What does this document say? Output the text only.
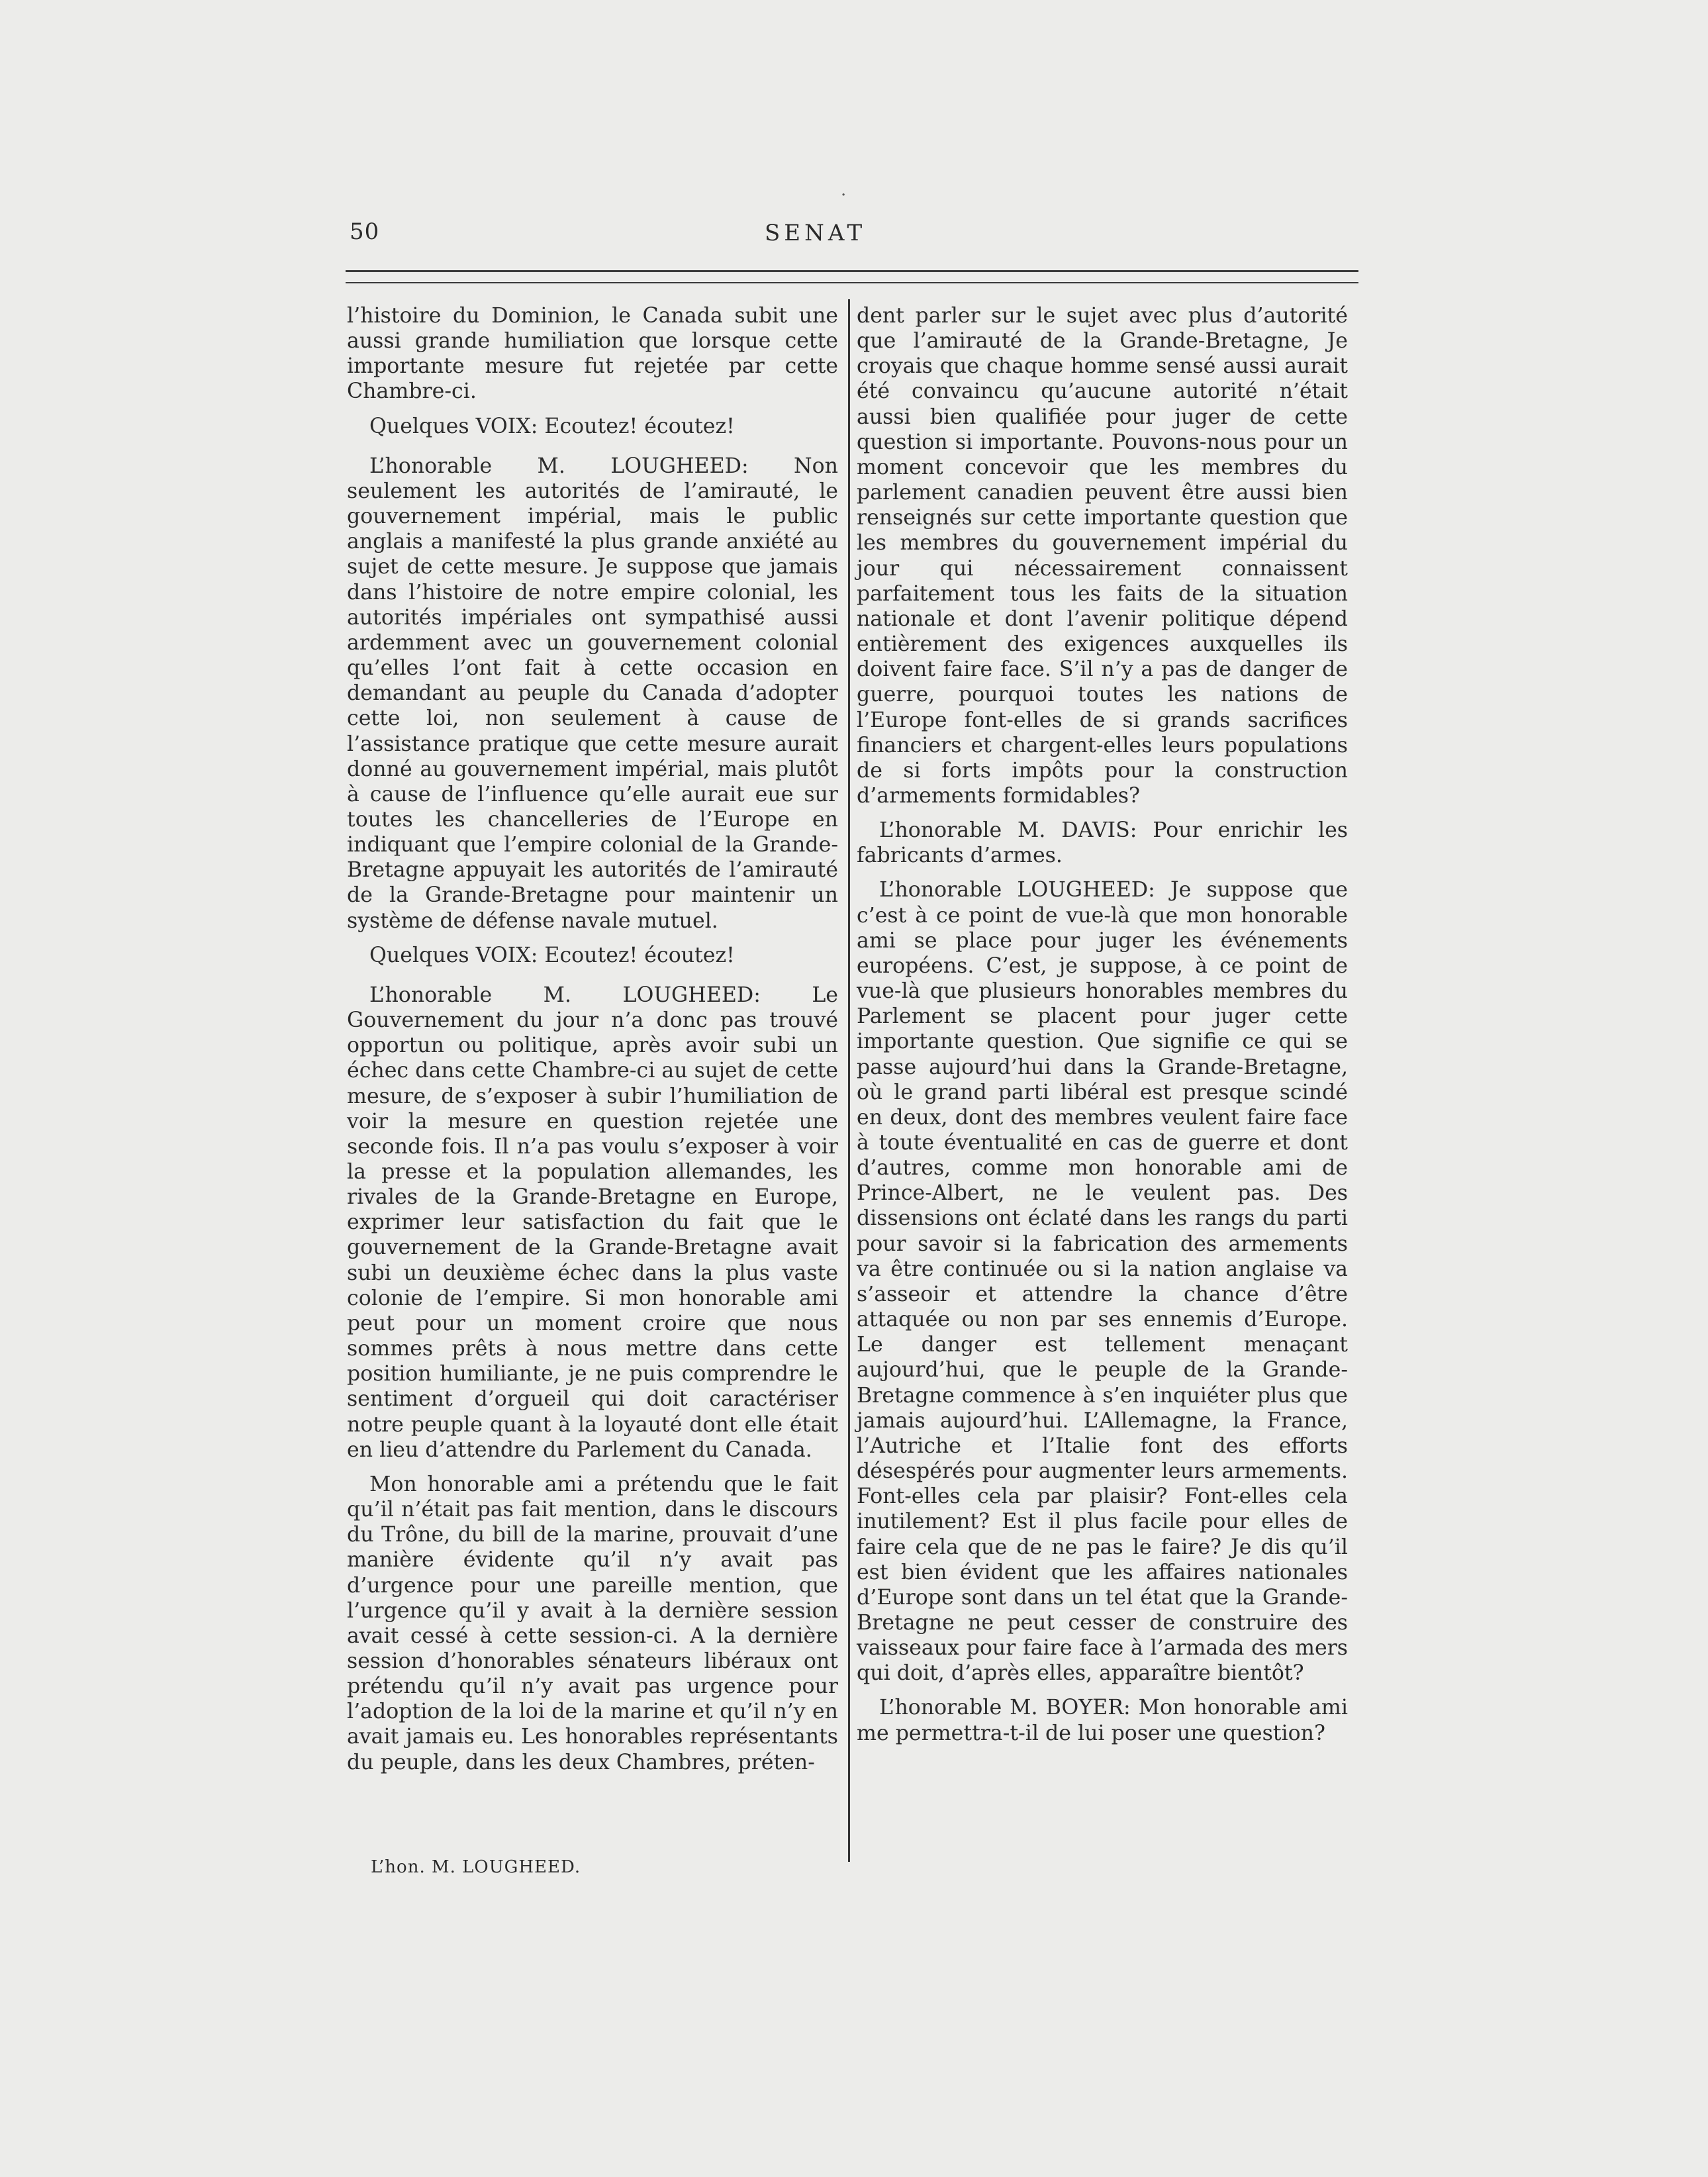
·
50	SENAT

l’histoire du Dominion, le Canada subit une aussi grande humiliation que lorsque cette importante mesure fut rejetée par cette Chambre-ci.

Quelques VOIX: Ecoutez! écoutez!

L’honorable M. LOUGHEED: Non seulement les autorités de l’amirauté, le gouvernement impérial, mais le public anglais a manifesté la plus grande anxiété au sujet de cette mesure. Je suppose que jamais dans l’histoire de notre empire colonial, les autorités impériales ont sympathisé aussi ardemment avec un gouvernement colonial qu’elles l’ont fait à cette occasion en demandant au peuple du Canada d’adopter cette loi, non seulement à cause de l’assistance pratique que cette mesure aurait donné au gouvernement impérial, mais plutôt à cause de l’influence qu’elle aurait eue sur toutes les chancelleries de l’Europe en indiquant que l’empire colonial de la Grande-Bretagne appuyait les autorités de l’amirauté de la Grande-Bretagne pour maintenir un système de défense navale mutuel.

Quelques VOIX: Ecoutez! écoutez!

L’honorable M. LOUGHEED: Le Gouvernement du jour n’a donc pas trouvé opportun ou politique, après avoir subi un échec dans cette Chambre-ci au sujet de cette mesure, de s’exposer à subir l’humiliation de voir la mesure en question rejetée une seconde fois. Il n’a pas voulu s’exposer à voir la presse et la population allemandes, les rivales de la Grande-Bretagne en Europe, exprimer leur satisfaction du fait que le gouvernement de la Grande-Bretagne avait subi un deuxième échec dans la plus vaste colonie de l’empire. Si mon honorable ami peut pour un moment croire que nous sommes prêts à nous mettre dans cette position humiliante, je ne puis comprendre le sentiment d’orgueil qui doit caractériser notre peuple quant à la loyauté dont elle était en lieu d’attendre du Parlement du Canada.

Mon honorable ami a prétendu que le fait qu’il n’était pas fait mention, dans le discours du Trône, du bill de la marine, prouvait d’une manière évidente qu’il n’y avait pas d’urgence pour une pareille mention, que l’urgence qu’il y avait à la dernière session avait cessé à cette session-ci. A la dernière session d’honorables sénateurs libéraux ont prétendu qu’il n’y avait pas urgence pour l’adoption de la loi de la marine et qu’il n’y en avait jamais eu. Les honorables représentants du peuple, dans les deux Chambres, préten-

dent parler sur le sujet avec plus d’autorité que l’amirauté de la Grande-Bretagne, Je croyais que chaque homme sensé aussi aurait été convaincu qu’aucune autorité n’était aussi bien qualifiée pour juger de cette question si importante. Pouvons-nous pour un moment concevoir que les membres du parlement canadien peuvent être aussi bien renseignés sur cette importante question que les membres du gouvernement impérial du jour qui nécessairement connaissent parfaitement tous les faits de la situation nationale et dont l’avenir politique dépend entièrement des exigences auxquelles ils doivent faire face. S’il n’y a pas de danger de guerre, pourquoi toutes les nations de l’Europe font-elles de si grands sacrifices financiers et chargent-elles leurs populations de si forts impôts pour la construction d’armements formidables?

L’honorable M. DAVIS: Pour enrichir les fabricants d’armes.

L’honorable LOUGHEED: Je suppose que c’est à ce point de vue-là que mon honorable ami se place pour juger les événements européens. C’est, je suppose, à ce point de vue-là que plusieurs honorables membres du Parlement se placent pour juger cette importante question. Que signifie ce qui se passe aujourd’hui dans la Grande-Bretagne, où le grand parti libéral est presque scindé en deux, dont des membres veulent faire face à toute éventualité en cas de guerre et dont d’autres, comme mon honorable ami de Prince-Albert, ne le veulent pas. Des dissensions ont éclaté dans les rangs du parti pour savoir si la fabrication des armements va être continuée ou si la nation anglaise va s’asseoir et attendre la chance d’être attaquée ou non par ses ennemis d’Europe. Le danger est tellement menaçant aujourd’hui, que le peuple de la Grande-Bretagne commence à s’en inquiéter plus que jamais aujourd’hui. L’Allemagne, la France, l’Autriche et l’Italie font des efforts désespérés pour augmenter leurs armements. Font-elles cela par plaisir? Font-elles cela inutilement? Est il plus facile pour elles de faire cela que de ne pas le faire? Je dis qu’il est bien évident que les affaires nationales d’Europe sont dans un tel état que la Grande-Bretagne ne peut cesser de construire des vaisseaux pour faire face à l’armada des mers qui doit, d’après elles, apparaître bientôt?

L’honorable M. BOYER: Mon honorable ami me permettra-t-il de lui poser une question?

L’hon. M. LOUGHEED.
